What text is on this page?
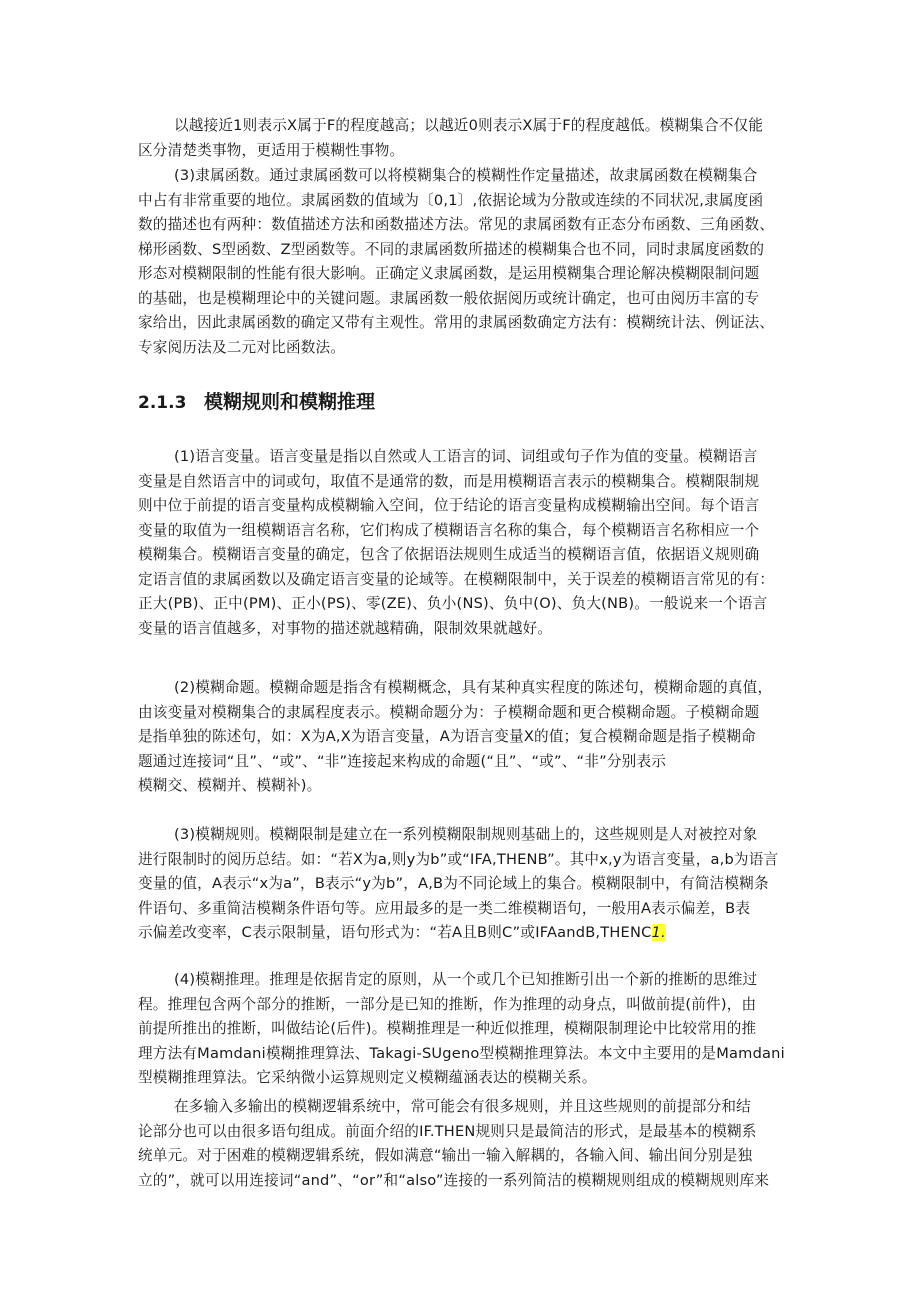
以越接近1则表示X属于F的程度越高；以越近0则表示X属于F的程度越低。模糊集合不仅能
区分清楚类事物，更适用于模糊性事物。
(3)隶属函数。通过隶属函数可以将模糊集合的模糊性作定量描述，故隶属函数在模糊集合
中占有非常重要的地位。隶属函数的值域为〔0,1〕,依据论域为分散或连续的不同状况,隶属度函
数的描述也有两种：数值描述方法和函数描述方法。常见的隶属函数有正态分布函数、三角函数、
梯形函数、S型函数、Z型函数等。不同的隶属函数所描述的模糊集合也不同，同时隶属度函数的
形态对模糊限制的性能有很大影响。正确定义隶属函数，是运用模糊集合理论解决模糊限制问题
的基础，也是模糊理论中的关键问题。隶属函数一般依据阅历或统计确定，也可由阅历丰富的专
家给出，因此隶属函数的确定又带有主观性。常用的隶属函数确定方法有：模糊统计法、例证法、
专家阅历法及二元对比函数法。
2.1.3 模糊规则和模糊推理
(1)语言变量。语言变量是指以自然或人工语言的词、词组或句子作为值的变量。模糊语言
变量是自然语言中的词或句，取值不是通常的数，而是用模糊语言表示的模糊集合。模糊限制规
则中位于前提的语言变量构成模糊输入空间，位于结论的语言变量构成模糊输出空间。每个语言
变量的取值为一组模糊语言名称，它们构成了模糊语言名称的集合，每个模糊语言名称相应一个
模糊集合。模糊语言变量的确定，包含了依据语法规则生成适当的模糊语言值，依据语义规则确
定语言值的隶属函数以及确定语言变量的论域等。在模糊限制中，关于误差的模糊语言常见的有：
正大(PB)、正中(PM)、正小(PS)、零(ZE)、负小(NS)、负中(O)、负大(NB)。一般说来一个语言
变量的语言值越多，对事物的描述就越精确，限制效果就越好。
(2)模糊命题。模糊命题是指含有模糊概念，具有某种真实程度的陈述句，模糊命题的真值，
由该变量对模糊集合的隶属程度表示。模糊命题分为：子模糊命题和更合模糊命题。子模糊命题
是指单独的陈述句，如：X为A,X为语言变量，A为语言变量X的值；复合模糊命题是指子模糊命
题通过连接词“且”、“或”、“非”连接起来构成的命题(“且”、“或”、“非”分别表示
模糊交、模糊并、模糊补)。
(3)模糊规则。模糊限制是建立在一系列模糊限制规则基础上的，这些规则是人对被控对象
进行限制时的阅历总结。如：“若X为a,则y为b”或“IFA,THENB”。其中x,y为语言变量，a,b为语言
变量的值，A表示“x为a”，B表示“y为b”，A,B为不同论域上的集合。模糊限制中，有简洁模糊条
件语句、多重简洁模糊条件语句等。应用最多的是一类二维模糊语句，一般用A表示偏差，B表
示偏差改变率，C表示限制量，语句形式为：“若A且B则C”或IFAandB,THENC1.
(4)模糊推理。推理是依据肯定的原则，从一个或几个已知推断引出一个新的推断的思维过
程。推理包含两个部分的推断，一部分是已知的推断，作为推理的动身点，叫做前提(前件)，由
前提所推出的推断，叫做结论(后件)。模糊推理是一种近似推理，模糊限制理论中比较常用的推
理方法有Mamdani模糊推理算法、Takagi-SUgeno型模糊推理算法。本文中主要用的是Mamdani
型模糊推理算法。它采纳微小运算规则定义模糊蕴涵表达的模糊关系。
在多输入多输出的模糊逻辑系统中，常可能会有很多规则，并且这些规则的前提部分和结
论部分也可以由很多语句组成。前面介绍的IF.THEN规则只是最简洁的形式，是最基本的模糊系
统单元。对于困难的模糊逻辑系统，假如满意“输出一输入解耦的，各输入间、输出间分别是独
立的”，就可以用连接词“and”、“or”和“also”连接的一系列简洁的模糊规则组成的模糊规则库来
